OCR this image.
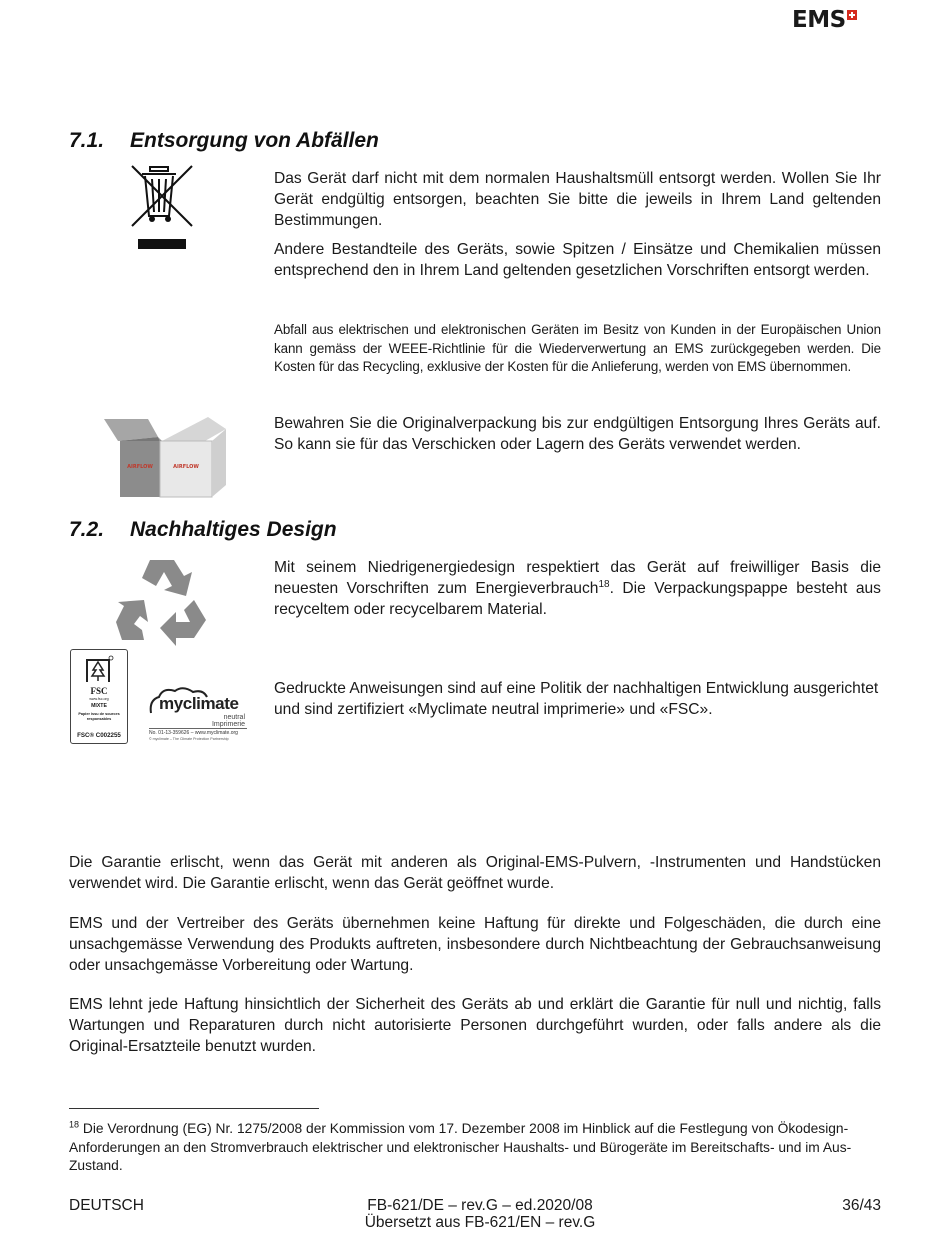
EMS
7.1. Entsorgung von Abfällen
Das Gerät darf nicht mit dem normalen Haushaltsmüll entsorgt werden. Wollen Sie Ihr Gerät endgültig entsorgen, beachten Sie bitte die jeweils in Ihrem Land geltenden Bestimmungen.
Andere Bestandteile des Geräts, sowie Spitzen / Einsätze und Chemikalien müssen entsprechend den in Ihrem Land geltenden gesetzlichen Vorschriften entsorgt werden.
Abfall aus elektrischen und elektronischen Geräten im Besitz von Kunden in der Europäischen Union kann gemäss der WEEE-Richtlinie für die Wiederverwertung an EMS zurückgegeben werden. Die Kosten für das Recycling, exklusive der Kosten für die Anlieferung, werden von EMS übernommen.
AIRFLOW	AIRFLOW
Bewahren Sie die Originalverpackung bis zur endgültigen Entsorgung Ihres Geräts auf. So kann sie für das Verschicken oder Lagern des Geräts verwendet werden.
7.2. Nachhaltiges Design
Mit seinem Niedrigenergiedesign respektiert das Gerät auf freiwilliger Basis die neuesten Vorschriften zum Energieverbrauch$^{18}$. Die Verpackungspappe besteht aus recyceltem oder recycelbarem Material.
FSC
www.fsc.org
MIXTE
Papier issu de sources responsables
FSC® C002255
myclimate
neutral
Imprimerie
No. 01-13-359626 – www.myclimate.org
© myclimate – The Climate Protection Partnership
Gedruckte Anweisungen sind auf eine Politik der nachhaltigen Entwicklung ausgerichtet und sind zertifiziert «Myclimate neutral imprimerie» und «FSC».
Die Garantie erlischt, wenn das Gerät mit anderen als Original-EMS-Pulvern, -Instrumenten und Handstücken verwendet wird. Die Garantie erlischt, wenn das Gerät geöffnet wurde.
EMS und der Vertreiber des Geräts übernehmen keine Haftung für direkte und Folgeschäden, die durch eine unsachgemässe Verwendung des Produkts auftreten, insbesondere durch Nichtbeachtung der Gebrauchsanweisung oder unsachgemässe Vorbereitung oder Wartung.
EMS lehnt jede Haftung hinsichtlich der Sicherheit des Geräts ab und erklärt die Garantie für null und nichtig, falls Wartungen und Reparaturen durch nicht autorisierte Personen durchgeführt wurden, oder falls andere als die Original-Ersatzteile benutzt wurden.
$^{18}$ Die Verordnung (EG) Nr. 1275/2008 der Kommission vom 17. Dezember 2008 im Hinblick auf die Festlegung von Ökodesign-Anforderungen an den Stromverbrauch elektrischer und elektronischer Haushalts- und Bürogeräte im Bereitschafts- und im Aus-Zustand.
DEUTSCH	FB-621/DE – rev.G – ed.2020/08
Übersetzt aus FB-621/EN – rev.G
36/43
